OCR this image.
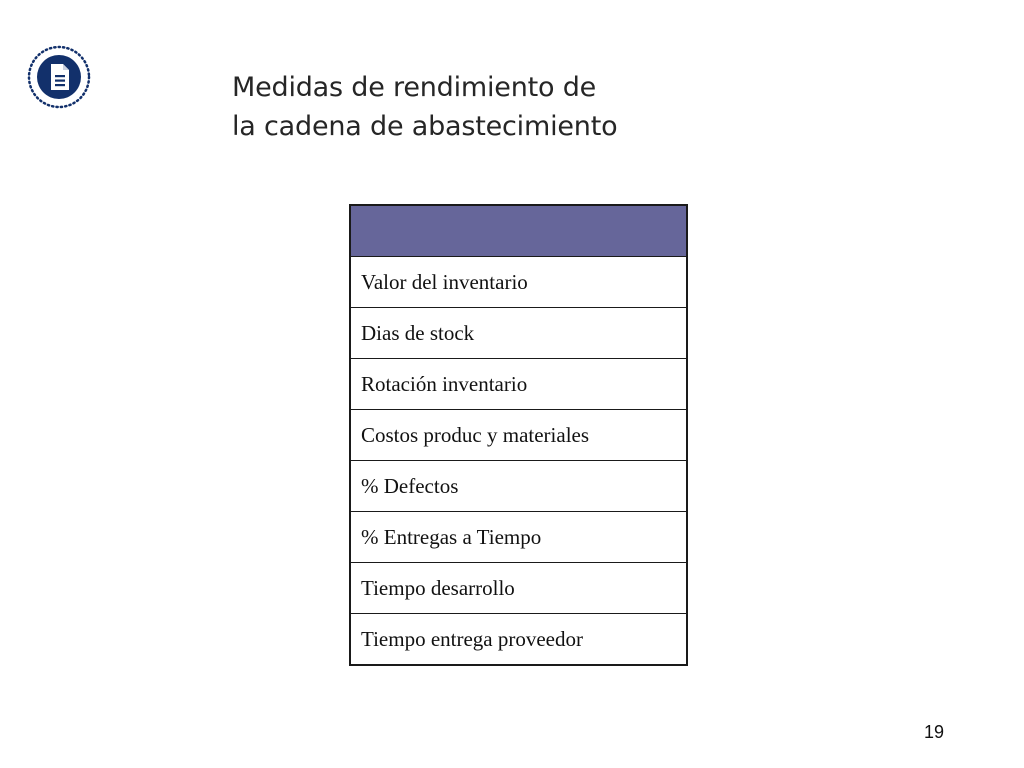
Medidas de rendimiento de
la cadena de abastecimiento

Valor del inventario
Dias de stock
Rotación inventario
Costos produc y materiales
% Defectos
% Entregas a Tiempo
Tiempo desarrollo
Tiempo entrega proveedor
19
